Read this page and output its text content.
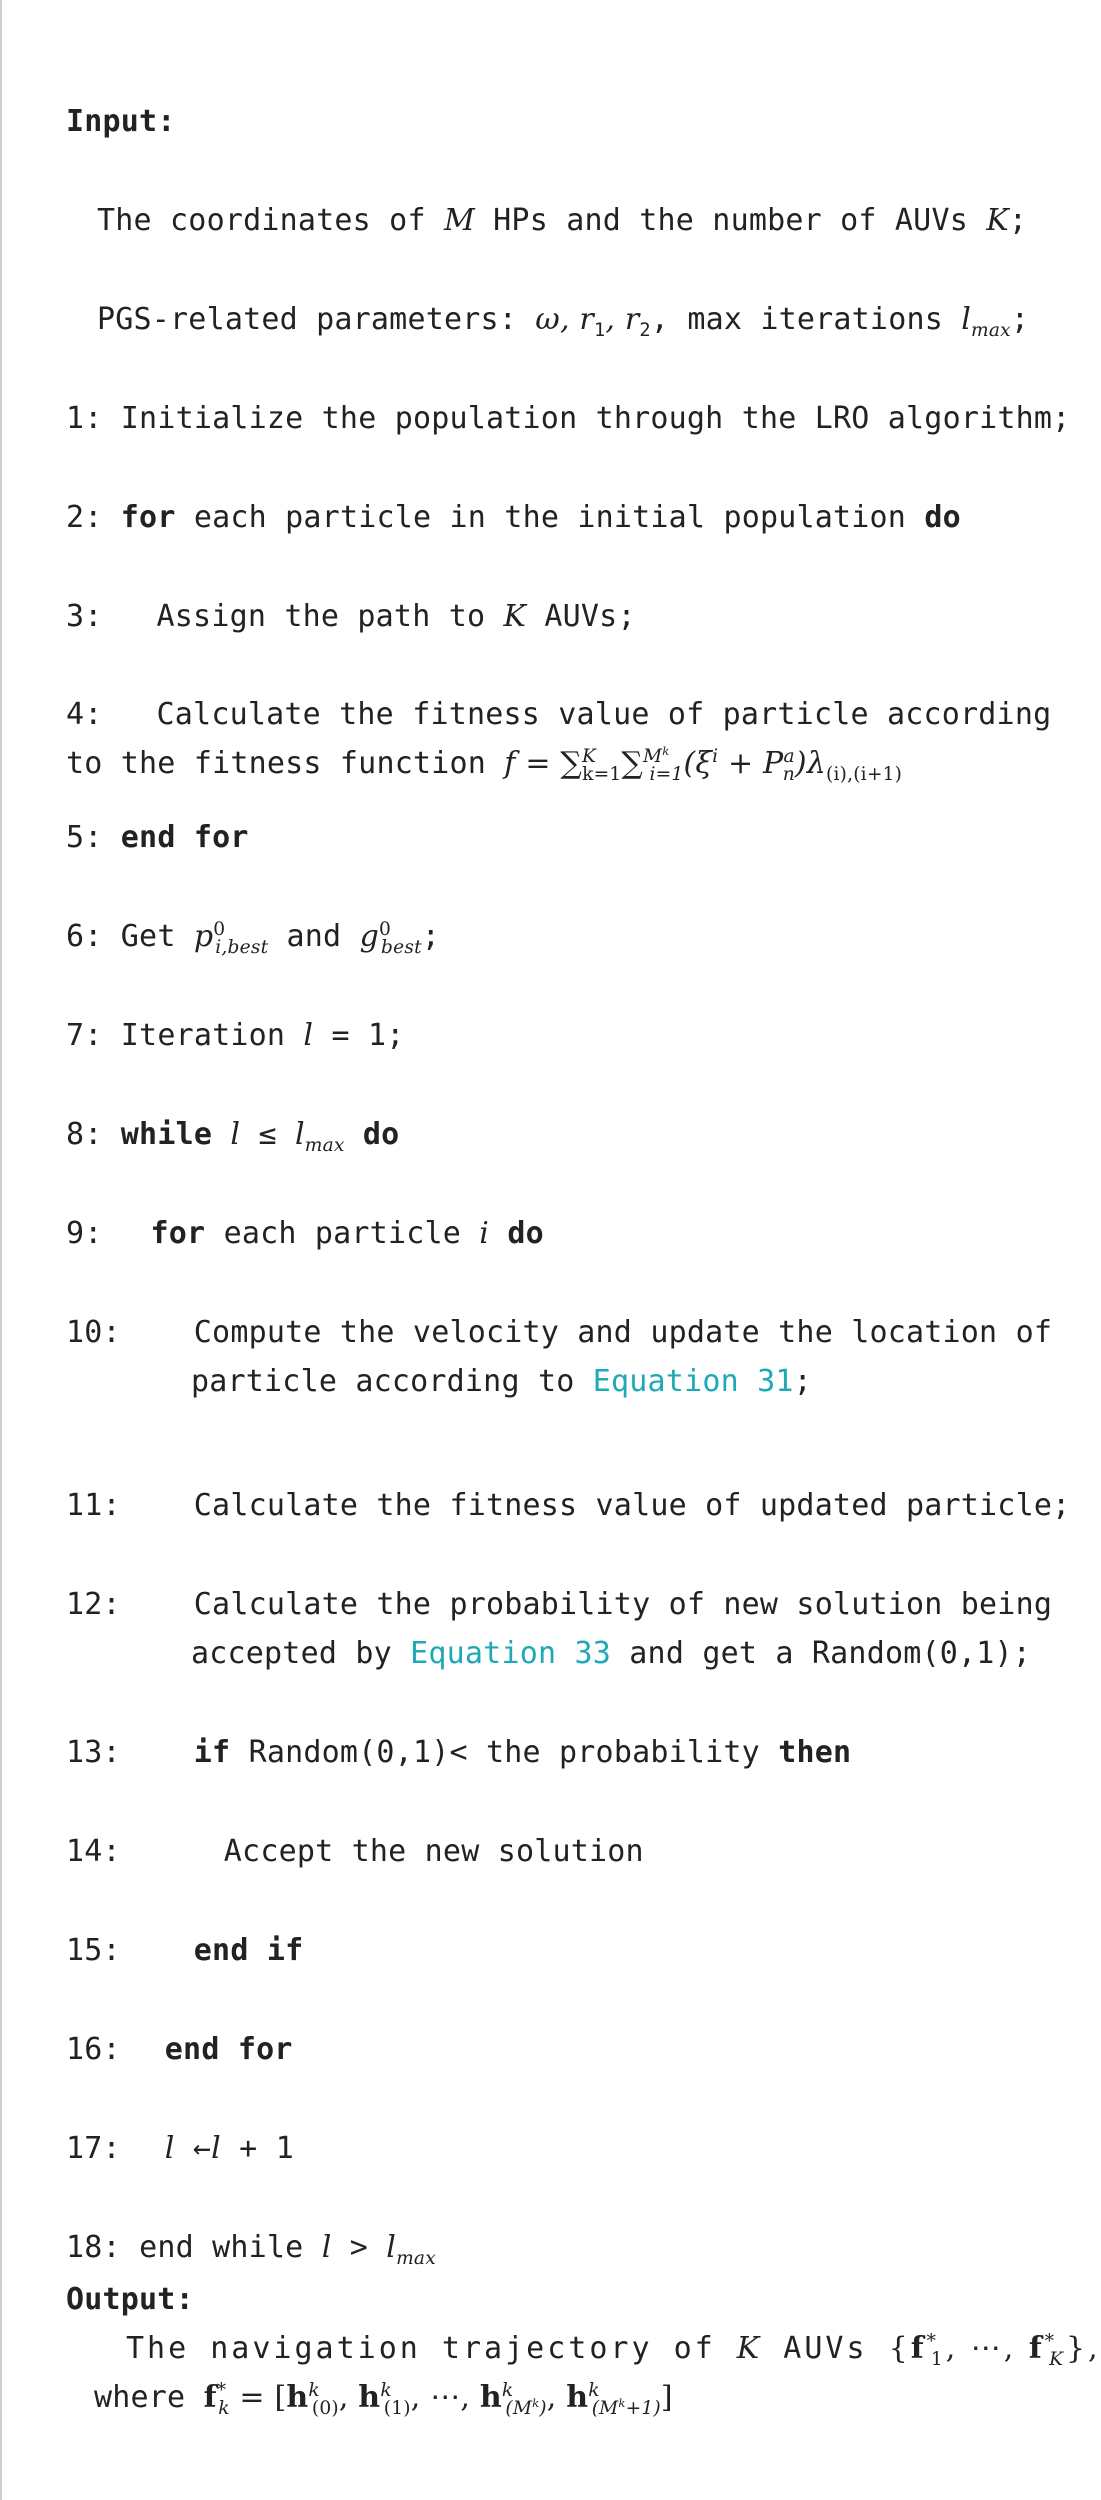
Input:
The coordinates of M HPs and the number of AUVs K;
PGS-related parameters: ω, $r_1$, $r_2$, max iterations $l_{max}$;
1: Initialize the population through the LRO algorithm;
2: for each particle in the initial population do
3: Assign the path to K AUVs;
4: Calculate the fitness value of particle according
to the fitness function $f = \sum^K_{k=1}\sum^{M^k}_{i=1}(\xi^i + P^a_n)\lambda_{(i),(i+1)}$
5: end for
6: Get $p^0_{i,best}$ and $g^0_{best}$;
7: Iteration l = 1;
8: while $l \le l_{max}$ do
9: for each particle i do
10: Compute the velocity and update the location of
particle according to Equation 31;
11: Calculate the fitness value of updated particle;
12: Calculate the probability of new solution being
accepted by Equation 33 and get a Random(0,1);
13: if Random(0,1)< the probability then
14:	Accept the new solution
15: end if
16: end for
17: l ←l + 1
18: end while $l > l_{max}$
Output:
The navigation trajectory of K AUVs {$f^*_1$, ⋯, $f^*_K$},
where $f^*_k = [h^k_{(0)}$, $h^k_{(1)}$, ⋯, $h^k_{(M^k)}$, $h^k_{(M^k+1)}$]
